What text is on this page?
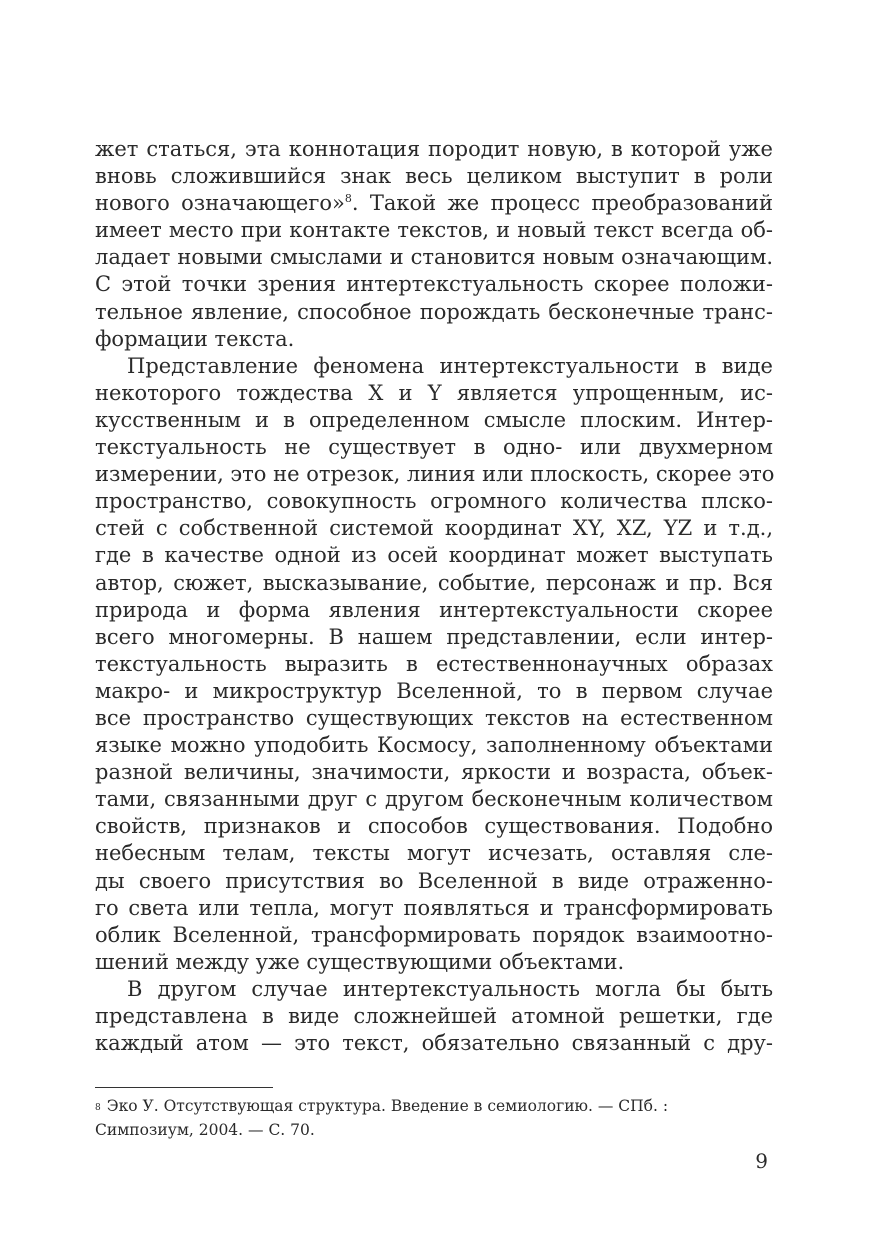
жет статься, эта коннотация породит новую, в которой уже
вновь сложившийся знак весь целиком выступит в роли
нового означающего»$^8$. Такой же процесс преобразований
имеет место при контакте текстов, и новый текст всегда об-
ладает новыми смыслами и становится новым означающим.
С этой точки зрения интертекстуальность скорее положи-
тельное явление, способное порождать бесконечные транс-
формации текста.
Представление феномена интертекстуальности в виде
некоторого тождества X и Y является упрощенным, ис-
кусственным и в определенном смысле плоским. Интер-
текстуальность не существует в одно- или двухмерном
измерении, это не отрезок, линия или плоскость, скорее это
пространство, совокупность огромного количества плско-
стей с собственной системой координат XY, XZ, YZ и т.д.,
где в качестве одной из осей координат может выступать
автор, сюжет, высказывание, событие, персонаж и пр. Вся
природа и форма явления интертекстуальности скорее
всего многомерны. В нашем представлении, если интер-
текстуальность выразить в естественнонаучных образах
макро- и микроструктур Вселенной, то в первом случае
все пространство существующих текстов на естественном
языке можно уподобить Космосу, заполненному объектами
разной величины, значимости, яркости и возраста, объек-
тами, связанными друг с другом бесконечным количеством
свойств, признаков и способов существования. Подобно
небесным телам, тексты могут исчезать, оставляя сле-
ды своего присутствия во Вселенной в виде отраженно-
го света или тепла, могут появляться и трансформировать
облик Вселенной, трансформировать порядок взаимоотно-
шений между уже существующими объектами.
В другом случае интертекстуальность могла бы быть
представлена в виде сложнейшей атомной решетки, где
каждый атом — это текст, обязательно связанный с дру-
$^8$ Эко У. Отсутствующая структура. Введение в семиологию. — СПб. :
Симпозиум, 2004. — С. 70.
9
